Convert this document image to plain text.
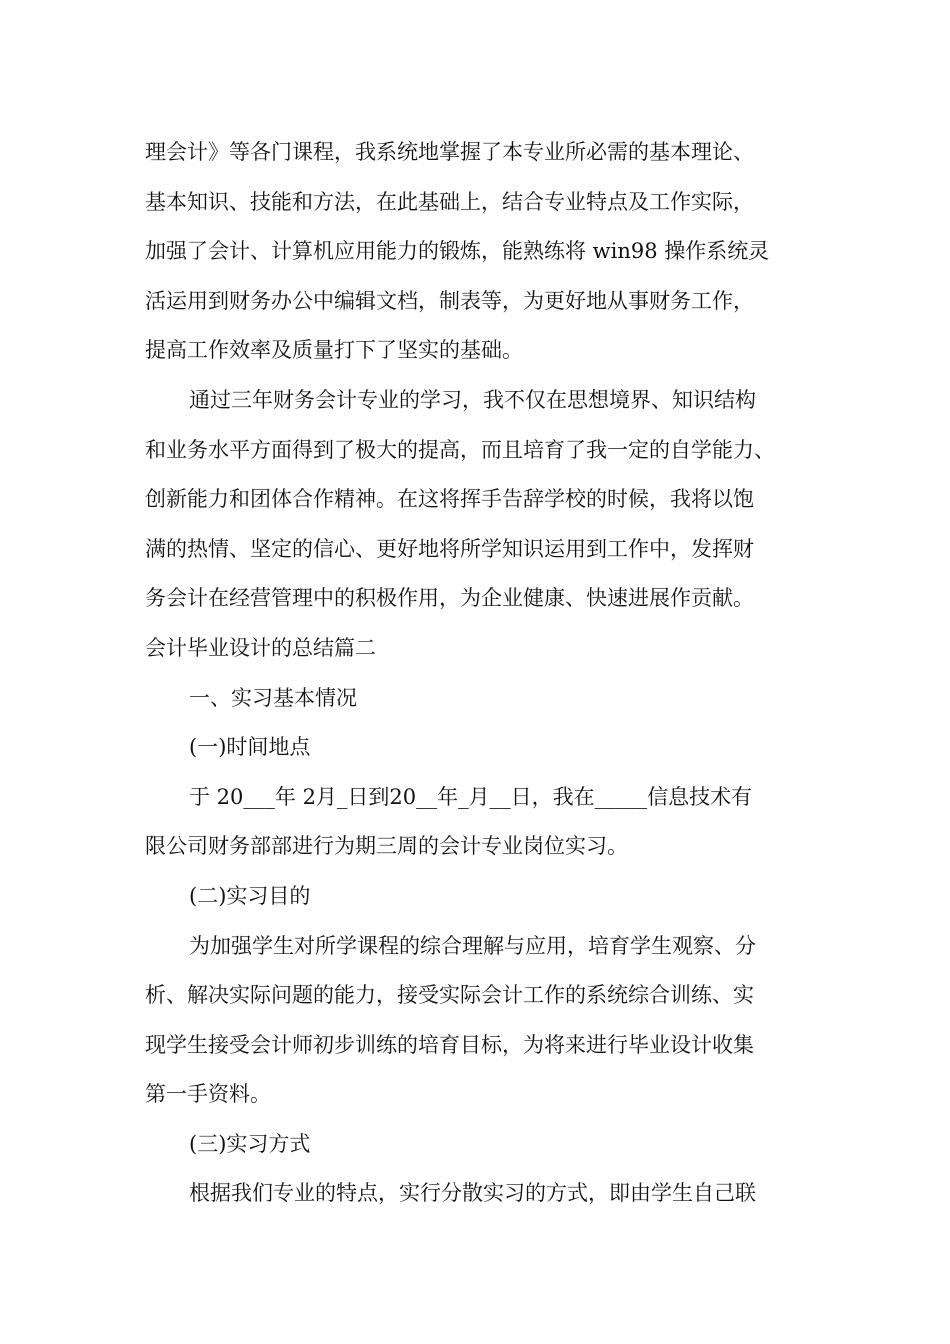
理会计》等各门课程，我系统地掌握了本专业所必需的基本理论、
基本知识、技能和方法，在此基础上，结合专业特点及工作实际，
加强了会计、计算机应用能力的锻炼，能熟练将 win98 操作系统灵
活运用到财务办公中编辑文档，制表等，为更好地从事财务工作，
提高工作效率及质量打下了坚实的基础。
通过三年财务会计专业的学习，我不仅在思想境界、知识结构
和业务水平方面得到了极大的提高，而且培育了我一定的自学能力、
创新能力和团体合作精神。在这将挥手告辞学校的时候，我将以饱
满的热情、坚定的信心、更好地将所学知识运用到工作中，发挥财
务会计在经营管理中的积极作用，为企业健康、快速进展作贡献。
会计毕业设计的总结篇二
一、实习基本情况
(一)时间地点
于 20___年 2月_日到20__年_月__日，我在_____信息技术有
限公司财务部部进行为期三周的会计专业岗位实习。
(二)实习目的
为加强学生对所学课程的综合理解与应用，培育学生观察、分
析、解决实际问题的能力，接受实际会计工作的系统综合训练、实
现学生接受会计师初步训练的培育目标，为将来进行毕业设计收集
第一手资料。
(三)实习方式
根据我们专业的特点，实行分散实习的方式，即由学生自己联
